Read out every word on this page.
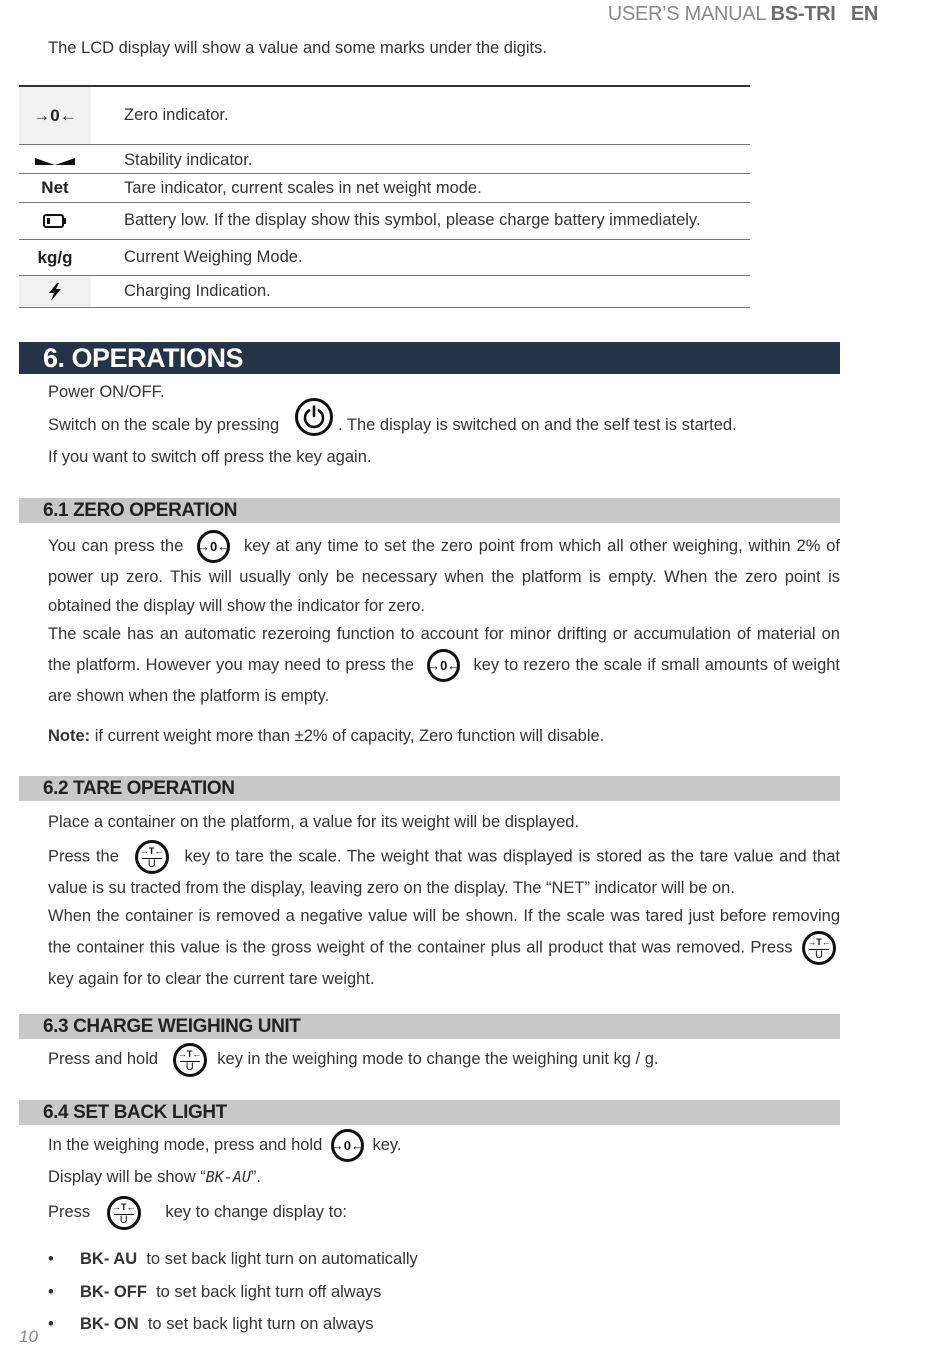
USER’S MANUAL BS-TRI EN
The LCD display will show a value and some marks under the digits.
→0←	Zero indicator.
Stability indicator.
Net	Tare indicator, current scales in net weight mode.
Battery low. If the display show this symbol, please charge battery immediately.
kg/g	Current Weighing Mode.
Charging Indication.
6. OPERATIONS
Power ON/OFF.
Switch on the scale by pressing	. The display is switched on and the self test is started.
If you want to switch off press the key again.
6.1 ZERO OPERATION
You can press the →0← key at any time to set the zero point from which all other weighing, within 2% of power up zero. This will usually only be necessary when the platform is empty. When the zero point is obtained the display will show the indicator for zero.
The scale has an automatic rezeroing function to account for minor drifting or accumulation of material on the platform. However you may need to press the →0← key to rezero the scale if small amounts of weight are shown when the platform is empty.
Note: if current weight more than ±2% of capacity, Zero function will disable.
6.2 TARE OPERATION
Place a container on the platform, a value for its weight will be displayed.
Press the →T←
U	key to tare the scale. The weight that was displayed is stored as the tare value and that value is su tracted from the display, leaving zero on the display. The “NET” indicator will be on.
When the container is removed a negative value will be shown. If the scale was tared just before removing the container this value is the gross weight of the container plus all product that was removed. Press →T←
U
key again for to clear the current tare weight.
6.3 CHARGE WEIGHING UNIT
Press and hold →T←
U	key in the weighing mode to change the weighing unit kg / g.
6.4 SET BACK LIGHT
In the weighing mode, press and hold →0← key.
Display will be show “BK-AU”.
Press →T←
U	key to change display to:
• BK- AU to set back light turn on automatically
• BK- OFF to set back light turn off always
• BK- ON to set back light turn on always
10
